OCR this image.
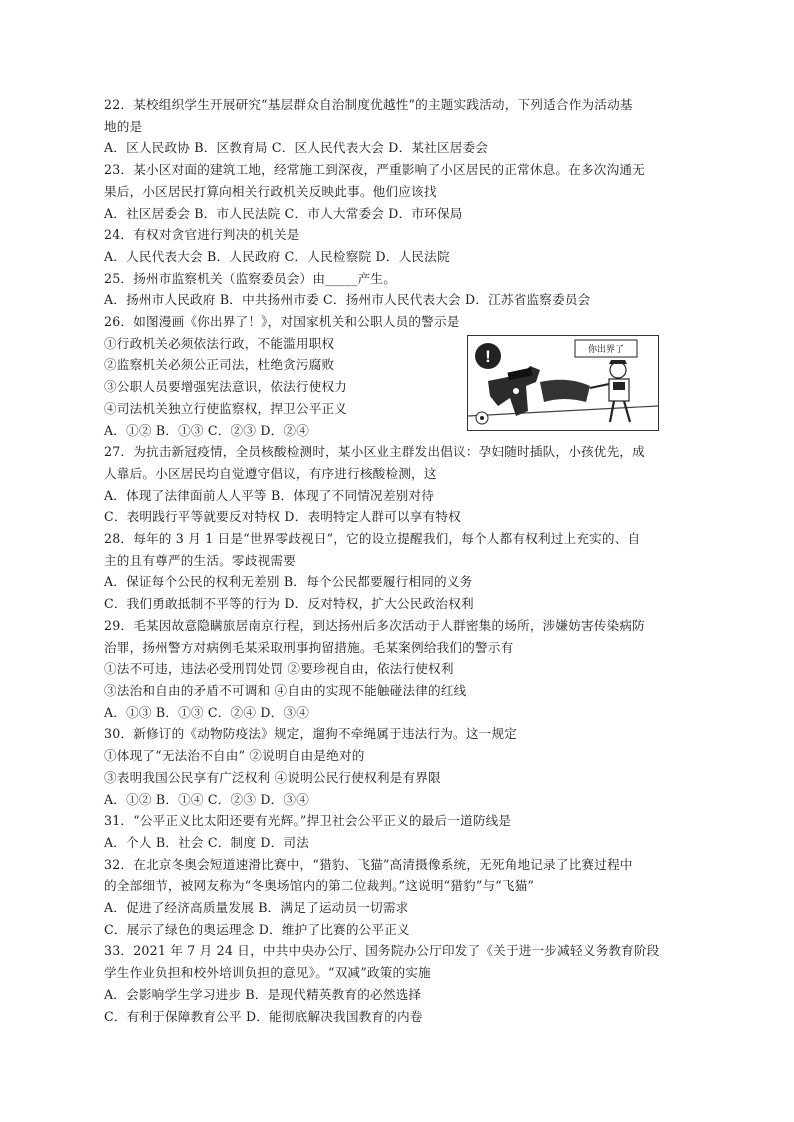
22．某校组织学生开展研究“基层群众自治制度优越性”的主题实践活动，下列适合作为活动基
地的是
A．区人民政协 B．区教育局 C．区人民代表大会 D．某社区居委会
23．某小区对面的建筑工地，经常施工到深夜，严重影响了小区居民的正常休息。在多次沟通无
果后，小区居民打算向相关行政机关反映此事。他们应该找
A．社区居委会 B．市人民法院 C．市人大常委会 D．市环保局
24．有权对贪官进行判决的机关是
A．人民代表大会 B．人民政府 C．人民检察院 D．人民法院
25．扬州市监察机关（监察委员会）由_____产生。
A．扬州市人民政府 B．中共扬州市委 C．扬州市人民代表大会 D．江苏省监察委员会
26．如图漫画《你出界了！》，对国家机关和公职人员的警示是
①行政机关必须依法行政，不能滥用职权
②监察机关必须公正司法，杜绝贪污腐败
③公职人员要增强宪法意识，依法行使权力
④司法机关独立行使监察权，捍卫公平正义
A．①② B．①③ C．②③ D．②④
27．为抗击新冠疫情，全员核酸检测时，某小区业主群发出倡议：孕妇随时插队，小孩优先，成
人靠后。小区居民均自觉遵守倡议，有序进行核酸检测，这
A．体现了法律面前人人平等 B．体现了不同情况差别对待
C．表明践行平等就要反对特权 D．表明特定人群可以享有特权
28．每年的 3 月 1 日是“世界零歧视日”，它的设立提醒我们，每个人都有权利过上充实的、自
主的且有尊严的生活。零歧视需要
A．保证每个公民的权利无差别 B．每个公民都要履行相同的义务
C．我们勇敢抵制不平等的行为 D．反对特权，扩大公民政治权利
29．毛某因故意隐瞒旅居南京行程，到达扬州后多次活动于人群密集的场所，涉嫌妨害传染病防
治罪，扬州警方对病例毛某采取刑事拘留措施。毛某案例给我们的警示有
①法不可违，违法必受刑罚处罚 ②要珍视自由，依法行使权利
③法治和自由的矛盾不可调和 ④自由的实现不能触碰法律的红线
A．①③ B．①③ C．②④ D．③④
30．新修订的《动物防疫法》规定，遛狗不牵绳属于违法行为。这一规定
①体现了“无法治不自由” ②说明自由是绝对的
③表明我国公民享有广泛权利 ④说明公民行使权利是有界限
A．①② B．①④ C．②③ D．③④
31．“公平正义比太阳还要有光辉。”捍卫社会公平正义的最后一道防线是
A．个人 B．社会 C．制度 D．司法
32．在北京冬奥会短道速滑比赛中，“猎豹、飞猫”高清摄像系统，无死角地记录了比赛过程中
的全部细节，被网友称为“冬奥场馆内的第二位裁判。”这说明“猎豹”与“飞猫”
A．促进了经济高质量发展 B．满足了运动员一切需求
C．展示了绿色的奥运理念 D．维护了比赛的公平正义
33．2021 年 7 月 24 日，中共中央办公厅、国务院办公厅印发了《关于进一步减轻义务教育阶段
学生作业负担和校外培训负担的意见》。“双减”政策的实施
A．会影响学生学习进步 B．是现代精英教育的必然选择
C．有利于保障教育公平 D．能彻底解决我国教育的内卷
!	你出界了
